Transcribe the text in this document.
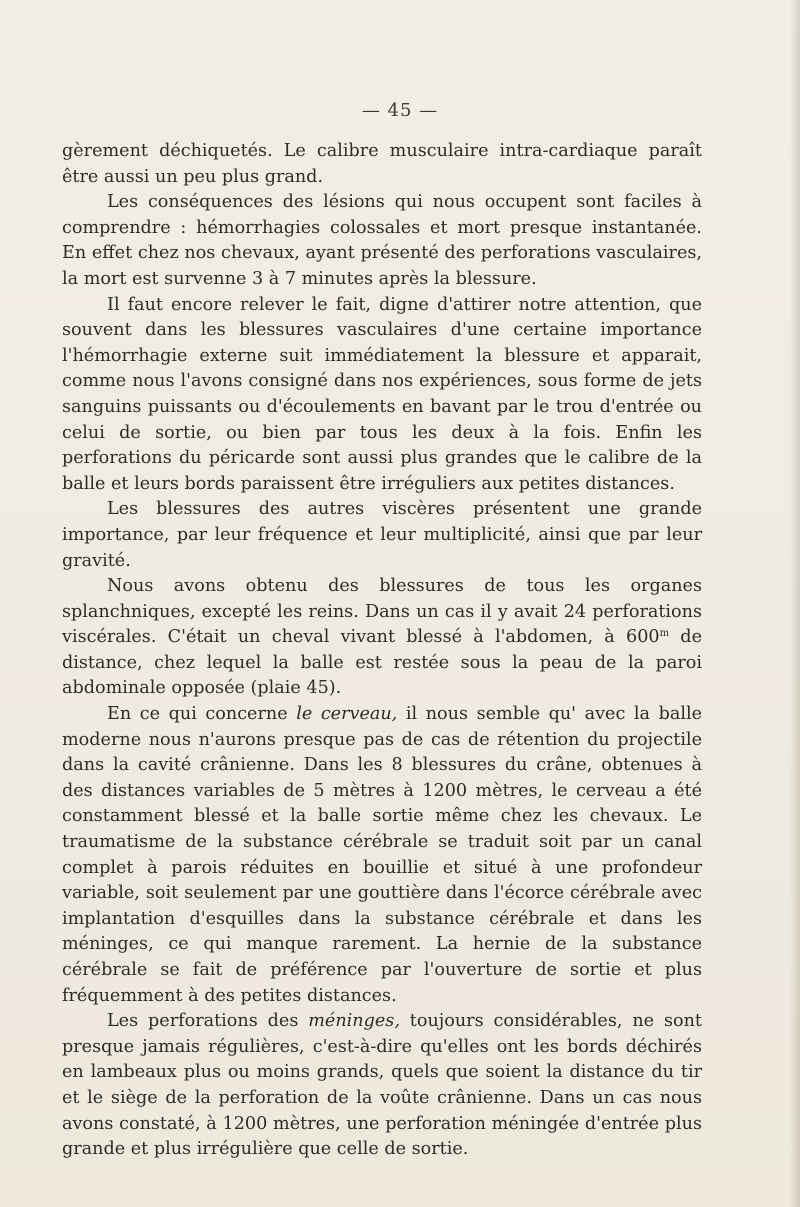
— 45 —

gèrement déchiquetés. Le calibre musculaire intra-cardiaque paraît être aussi un peu plus grand.

Les conséquences des lésions qui nous occupent sont faciles à comprendre : hémorrhagies colossales et mort presque instantanée. En effet chez nos chevaux, ayant présenté des perforations vasculaires, la mort est survenne 3 à 7 minutes après la blessure.

Il faut encore relever le fait, digne d'attirer notre attention, que souvent dans les blessures vasculaires d'une certaine importance l'hémorrhagie externe suit immédiatement la blessure et apparait, comme nous l'avons consigné dans nos expériences, sous forme de jets sanguins puissants ou d'écoulements en bavant par le trou d'entrée ou celui de sortie, ou bien par tous les deux à la fois. Enfin les perforations du péricarde sont aussi plus grandes que le calibre de la balle et leurs bords paraissent être irréguliers aux petites distances.

Les blessures des autres viscères présentent une grande importance, par leur fréquence et leur multiplicité, ainsi que par leur gravité.

Nous avons obtenu des blessures de tous les organes splanchniques, excepté les reins. Dans un cas il y avait 24 perforations viscérales. C'était un cheval vivant blessé à l'abdomen, à 600$^m$ de distance, chez lequel la balle est restée sous la peau de la paroi abdominale opposée (plaie 45).

En ce qui concerne le cerveau, il nous semble qu' avec la balle moderne nous n'aurons presque pas de cas de rétention du projectile dans la cavité crânienne. Dans les 8 blessures du crâne, obtenues à des distances variables de 5 mètres à 1200 mètres, le cerveau a été constamment blessé et la balle sortie même chez les chevaux. Le traumatisme de la substance cérébrale se traduit soit par un canal complet à parois réduites en bouillie et situé à une profondeur variable, soit seulement par une gouttière dans l'écorce cérébrale avec implantation d'esquilles dans la substance cérébrale et dans les méninges, ce qui manque rarement. La hernie de la substance cérébrale se fait de préférence par l'ouverture de sortie et plus fréquemment à des petites distances.

Les perforations des méninges, toujours considérables, ne sont presque jamais régulières, c'est-à-dire qu'elles ont les bords déchirés en lambeaux plus ou moins grands, quels que soient la distance du tir et le siège de la perforation de la voûte crânienne. Dans un cas nous avons constaté, à 1200 mètres, une perforation méningée d'entrée plus grande et plus irrégulière que celle de sortie.
